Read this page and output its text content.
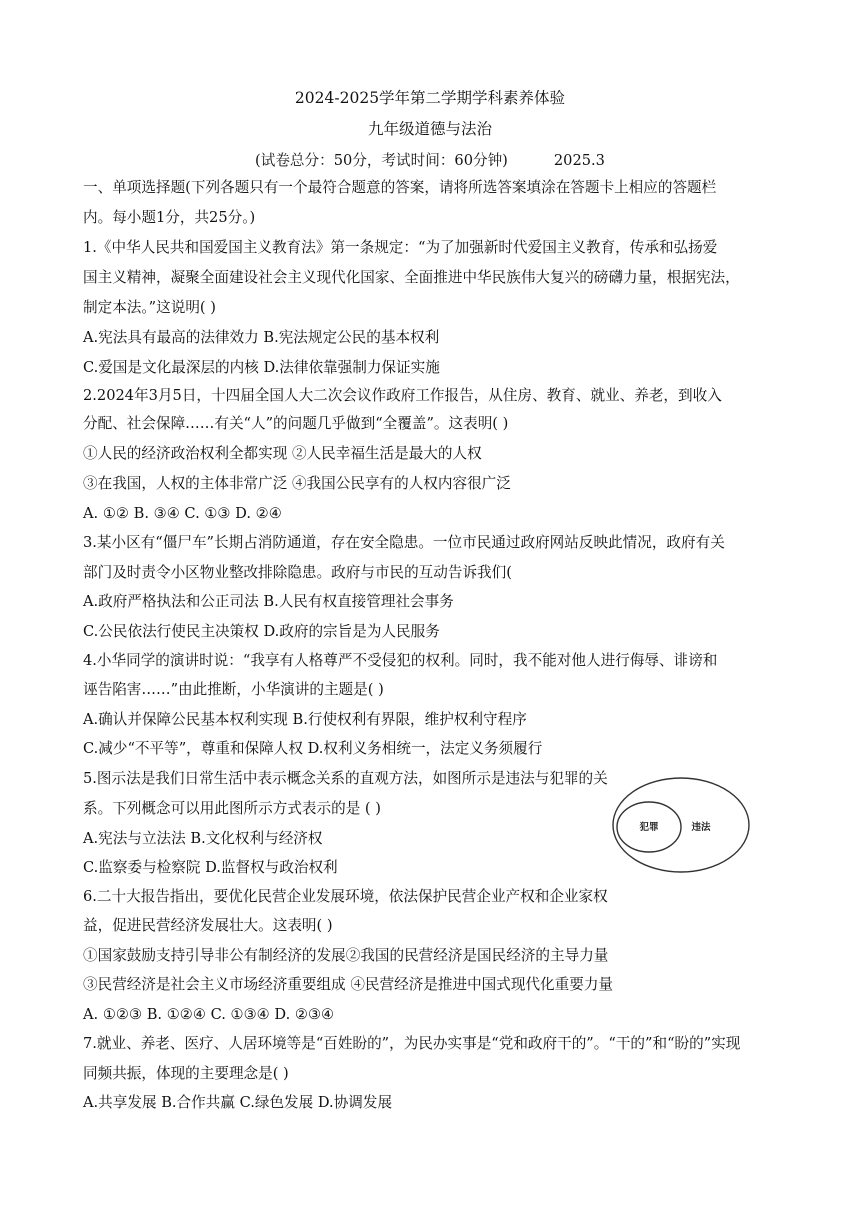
2024-2025学年第二学期学科素养体验
九年级道德与法治
(试卷总分：50分，考试时间：60分钟)	2025.3
一、单项选择题(下列各题只有一个最符合题意的答案，请将所选答案填涂在答题卡上相应的答题栏
内。每小题1分，共25分。)
1.《中华人民共和国爱国主义教育法》第一条规定：“为了加强新时代爱国主义教育，传承和弘扬爱
国主义精神，凝聚全面建设社会主义现代化国家、全面推进中华民族伟大复兴的磅礴力量，根据宪法，
制定本法。”这说明( )
A.宪法具有最高的法律效力 B.宪法规定公民的基本权利
C.爱国是文化最深层的内核 D.法律依靠强制力保证实施
2.2024年3月5日，十四届全国人大二次会议作政府工作报告，从住房、教育、就业、养老，到收入
分配、社会保障……有关“人”的问题几乎做到“全覆盖”。这表明( )
①人民的经济政治权利全都实现 ②人民幸福生活是最大的人权
③在我国，人权的主体非常广泛 ④我国公民享有的人权内容很广泛
A. ①② B. ③④ C. ①③ D. ②④
3.某小区有“僵尸车”长期占消防通道，存在安全隐患。一位市民通过政府网站反映此情况，政府有关
部门及时责令小区物业整改排除隐患。政府与市民的互动告诉我们(
A.政府严格执法和公正司法 B.人民有权直接管理社会事务
C.公民依法行使民主决策权 D.政府的宗旨是为人民服务
4.小华同学的演讲时说：“我享有人格尊严不受侵犯的权利。同时，我不能对他人进行侮辱、诽谤和
诬告陷害……”由此推断，小华演讲的主题是( )
A.确认并保障公民基本权利实现 B.行使权利有界限，维护权利守程序
C.减少“不平等”，尊重和保障人权 D.权利义务相统一，法定义务须履行
5.图示法是我们日常生活中表示概念关系的直观方法，如图所示是违法与犯罪的关
系。下列概念可以用此图所示方式表示的是 ( )
A.宪法与立法法 B.文化权利与经济权
C.监察委与检察院 D.监督权与政治权利
犯罪	违法
6.二十大报告指出，要优化民营企业发展环境，依法保护民营企业产权和企业家权
益，促进民营经济发展壮大。这表明( )
①国家鼓励支持引导非公有制经济的发展②我国的民营经济是国民经济的主导力量
③民营经济是社会主义市场经济重要组成 ④民营经济是推进中国式现代化重要力量
A. ①②③ B. ①②④ C. ①③④ D. ②③④
7.就业、养老、医疗、人居环境等是“百姓盼的”，为民办实事是“党和政府干的”。“干的”和“盼的”实现
同频共振，体现的主要理念是( )
A.共享发展 B.合作共赢 C.绿色发展 D.协调发展
